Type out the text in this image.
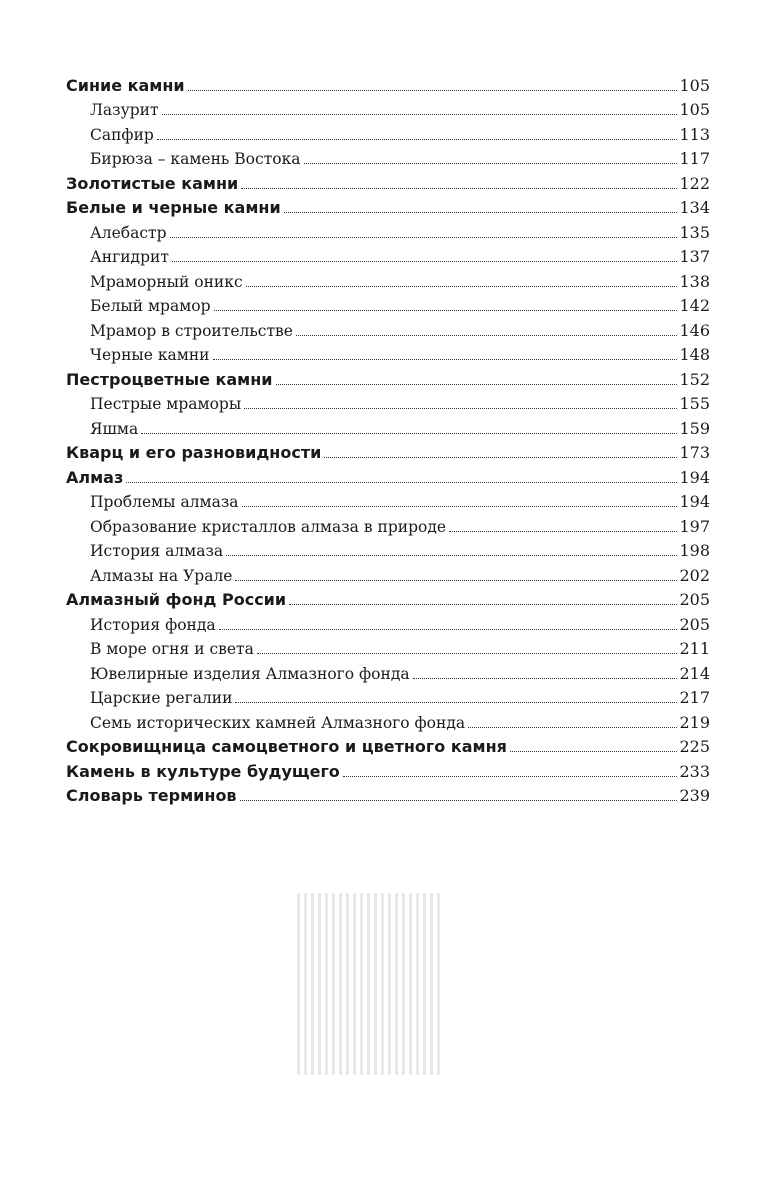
Синие камни	105
Лазурит	105
Сапфир	113
Бирюза – камень Востока	117
Золотистые камни	122
Белые и черные камни	134
Алебастр	135
Ангидрит	137
Мраморный оникс	138
Белый мрамор	142
Мрамор в строительстве	146
Черные камни	148
Пестроцветные камни	152
Пестрые мраморы	155
Яшма	159
Кварц и его разновидности	173
Алмаз	194
Проблемы алмаза	194
Образование кристаллов алмаза в природе	197
История алмаза	198
Алмазы на Урале	202
Алмазный фонд России	205
История фонда	205
В море огня и света	211
Ювелирные изделия Алмазного фонда	214
Царские регалии	217
Семь исторических камней Алмазного фонда	219
Сокровищница самоцветного и цветного камня	225
Камень в культуре будущего	233
Словарь терминов	239
